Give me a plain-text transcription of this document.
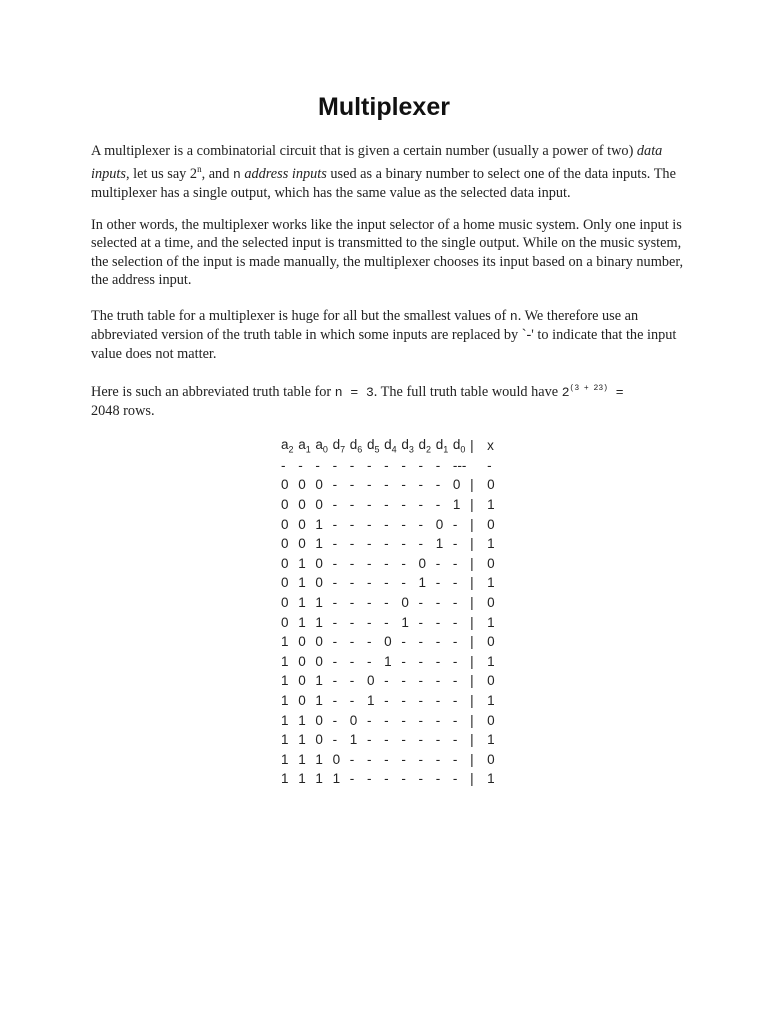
Multiplexer

A multiplexer is a combinatorial circuit that is given a certain number (usually a power of two) data inputs, let us say 2$^n$, and n address inputs used as a binary number to select one of the data inputs. The multiplexer has a single output, which has the same value as the selected data input.

In other words, the multiplexer works like the input selector of a home music system. Only one input is selected at a time, and the selected input is transmitted to the single output. While on the music system, the selection of the input is made manually, the multiplexer chooses its input based on a binary number, the address input.

The truth table for a multiplexer is huge for all but the smallest values of n. We therefore use an abbreviated version of the truth table in which some inputs are replaced by `-' to indicate that the input value does not matter.

Here is such an abbreviated truth table for n = 3. The full truth table would have $2^{(3 + 23)}$ =
2048 rows.

$a_2$ $a_1$ $a_0$ $d_7$ $d_6$ $d_5$ $d_4$ $d_3$ $d_2$ $d_1$ $d_0$ | x
- - - - - - - - - - --- -
0 0 0 - - - - - - - 0 | 0
0 0 0 - - - - - - - 1 | 1
0 0 1 - - - - - - 0 - | 0
0 0 1 - - - - - - 1 - | 1
0 1 0 - - - - - 0 - - | 0
0 1 0 - - - - - 1 - - | 1
0 1 1 - - - - 0 - - - | 0
0 1 1 - - - - 1 - - - | 1
1 0 0 - - - 0 - - - - | 0
1 0 0 - - - 1 - - - - | 1
1 0 1 - - 0 - - - - - | 0
1 0 1 - - 1 - - - - - | 1
1 1 0 - 0 - - - - - - | 0
1 1 0 - 1 - - - - - - | 1
1 1 1 0 - - - - - - - | 0
1 1 1 1 - - - - - - - | 1
